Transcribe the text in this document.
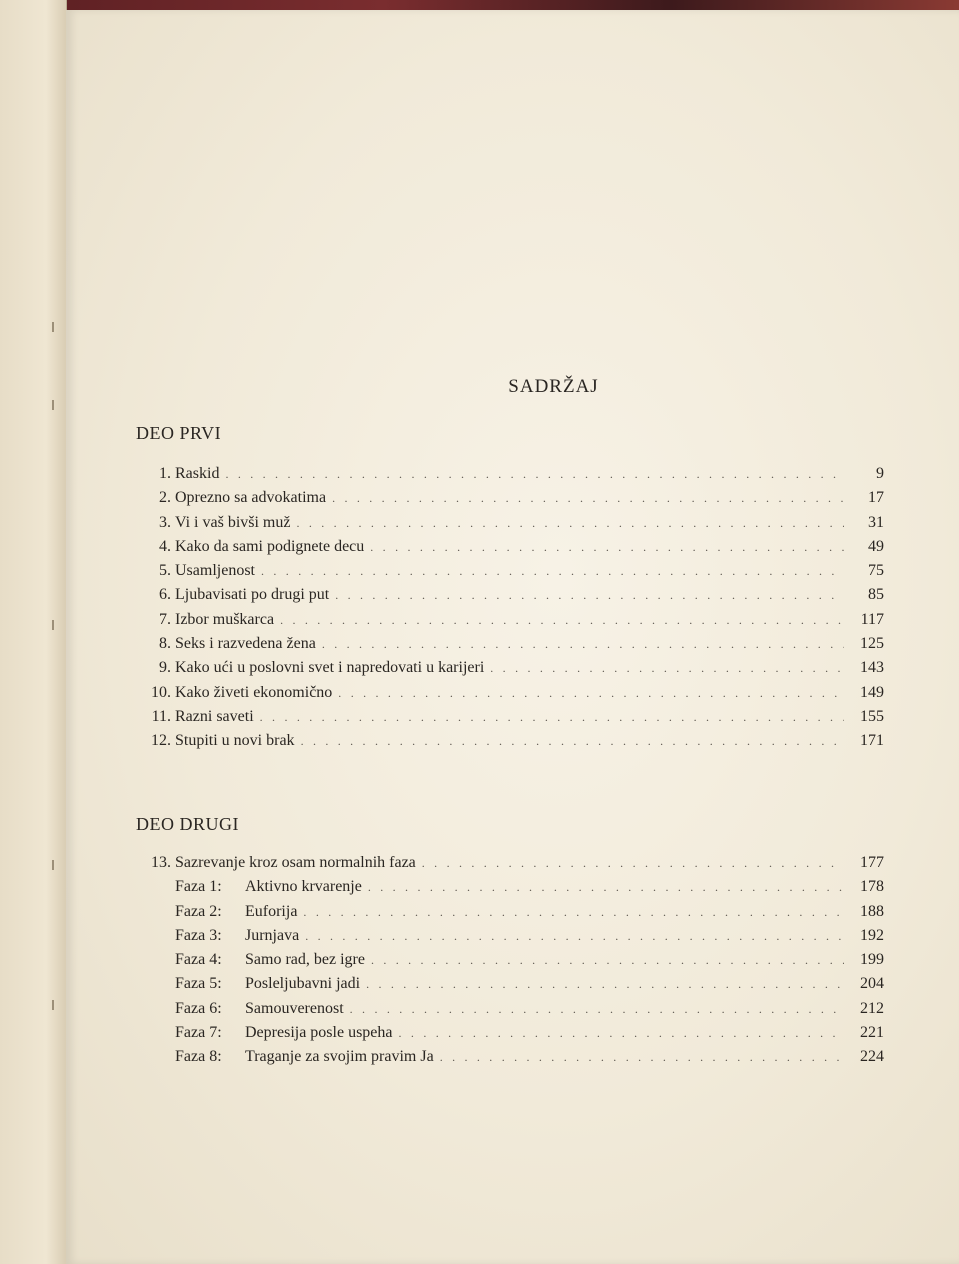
SADRŽAJ
DEO PRVI
1. Raskid . . .	9
2. Oprezno sa advokatima . . .	17
3. Vi i vaš bivši muž . . .	31
4. Kako da sami podignete decu . . .	49
5. Usamljenost . . .	75
6. Ljubavisati po drugi put . . .	85
7. Izbor muškarca . . .	117
8. Seks i razvedena žena . . .	125
9. Kako ući u poslovni svet i napredovati u karijeri . . .	143
10. Kako živeti ekonomično . . .	149
11. Razni saveti . . .	155
12. Stupiti u novi brak . . .	171
DEO DRUGI
13. Sazrevanje kroz osam normalnih faza . . .	177
Faza 1:	Aktivno krvarenje . . .	178
Faza 2:	Euforija . . .	188
Faza 3:	Jurnjava . . .	192
Faza 4:	Samo rad, bez igre . . .	199
Faza 5:	Posleljubavni jadi . . .	204
Faza 6:	Samouverenost . . .	212
Faza 7:	Depresija posle uspeha . . .	221
Faza 8:	Traganje za svojim pravim Ja . . .	224
